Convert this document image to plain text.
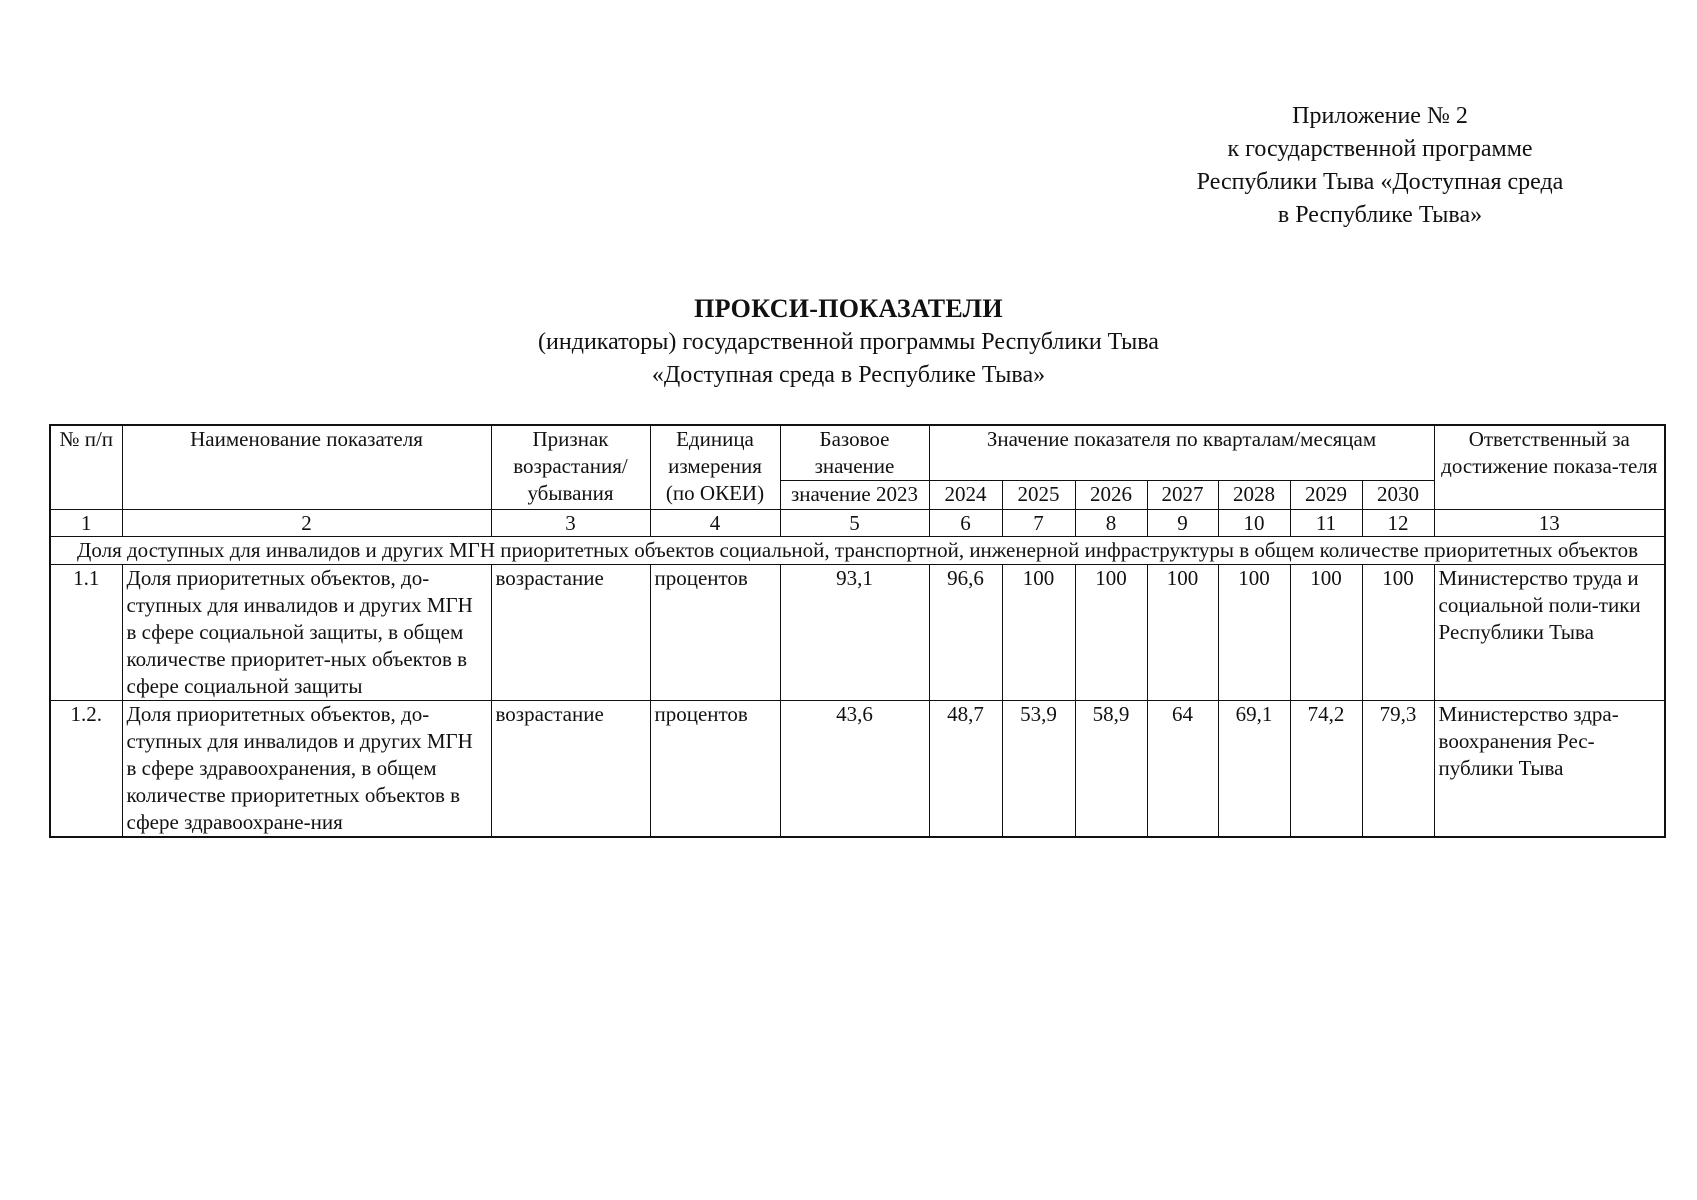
Приложение № 2
к государственной программе
Республики Тыва «Доступная среда
в Республике Тыва»
ПРОКСИ-ПОКАЗАТЕЛИ
(индикаторы) государственной программы Республики Тыва
«Доступная среда в Республике Тыва»
№ п/п	Наименование показателя	Признак возрастания/ убывания	Единица измерения (по ОКЕИ)	Базовое значение	Значение показателя по кварталам/месяцам							Ответственный за достижение показа-теля
				значение 2023	2024	2025	2026	2027	2028	2029	2030	
1	2	3	4	5	6	7	8	9	10	11	12	13
Доля доступных для инвалидов и других МГН приоритетных объектов социальной, транспортной, инженерной инфраструктуры в общем количестве приоритетных объектов												
1.1	Доля приоритетных объектов, до-ступных для инвалидов и других МГН в сфере социальной защиты, в общем количестве приоритет-ных объектов в сфере социальной защиты	возрастание	процентов	93,1	96,6	100	100	100	100	100	100	Министерство труда и социальной поли-тики Республики Тыва
1.2.	Доля приоритетных объектов, до-ступных для инвалидов и других МГН в сфере здравоохранения, в общем количестве приоритетных объектов в сфере здравоохране-ния	возрастание	процентов	43,6	48,7	53,9	58,9	64	69,1	74,2	79,3	Министерство здра-воохранения Рес-публики Тыва
